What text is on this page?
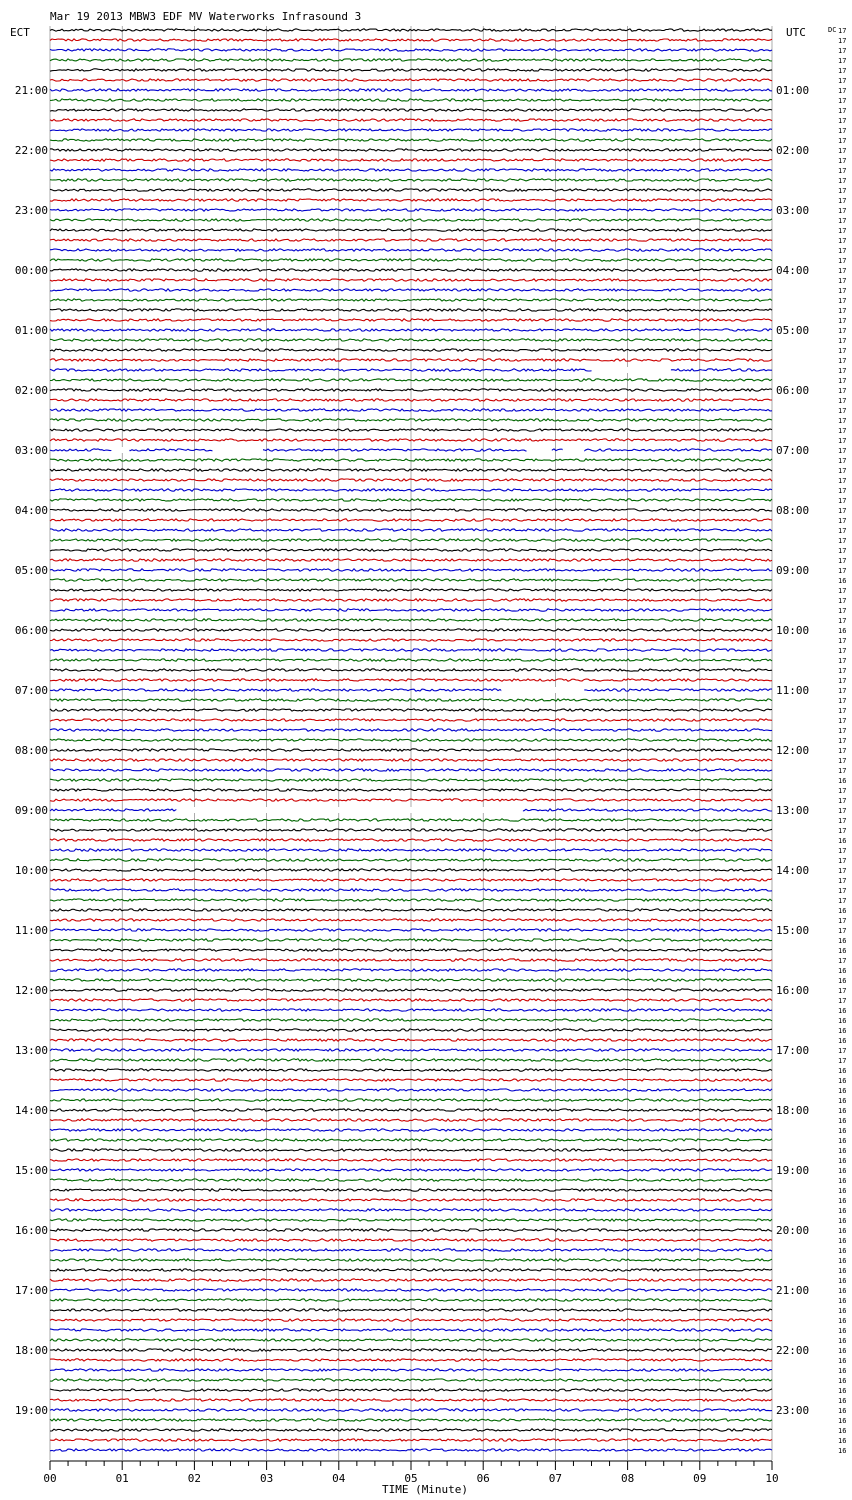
Mar 19 2013 MBW3 EDF MV Waterworks Infrasound 3
ECT	UTC	DC
21:00	01:00
22:00	02:00
23:00	03:00
00:00	04:00
01:00	05:00
02:00	06:00
03:00	07:00
04:00	08:00
05:00	09:00
06:00	10:00
07:00	11:00
08:00	12:00
09:00	13:00
10:00	14:00
11:00	15:00
12:00	16:00
13:00	17:00
14:00	18:00
15:00	19:00
16:00	20:00
17:00	21:00
18:00	22:00
19:00	23:00
17
17
17
17
17
17
17
17
17
17
17
17
17
17
17
17
17
17
17
17
17
17
17
17
17
17
17
17
17
17
17
17
17
17
17
17
17
17
17
17
17
17
17
17
17
17
17
17
17
17
17
17
17
17
17
16
17
17
17
17
16
17
17
17
17
17
17
17
17
17
17
17
17
17
17
16
17
17
17
17
17
16
17
17
17
17
17
17
16
17
17
16
16
17
16
16
17
17
16
16
16
16
17
17
16
16
16
16
16
16
16
16
16
16
16
16
16
16
16
16
16
16
16
16
16
16
16
16
16
16
16
16
16
16
16
16
16
16
16
16
16
16
16
00	01	02	03	04	05	06	07	08	09	10
TIME (Minute)
